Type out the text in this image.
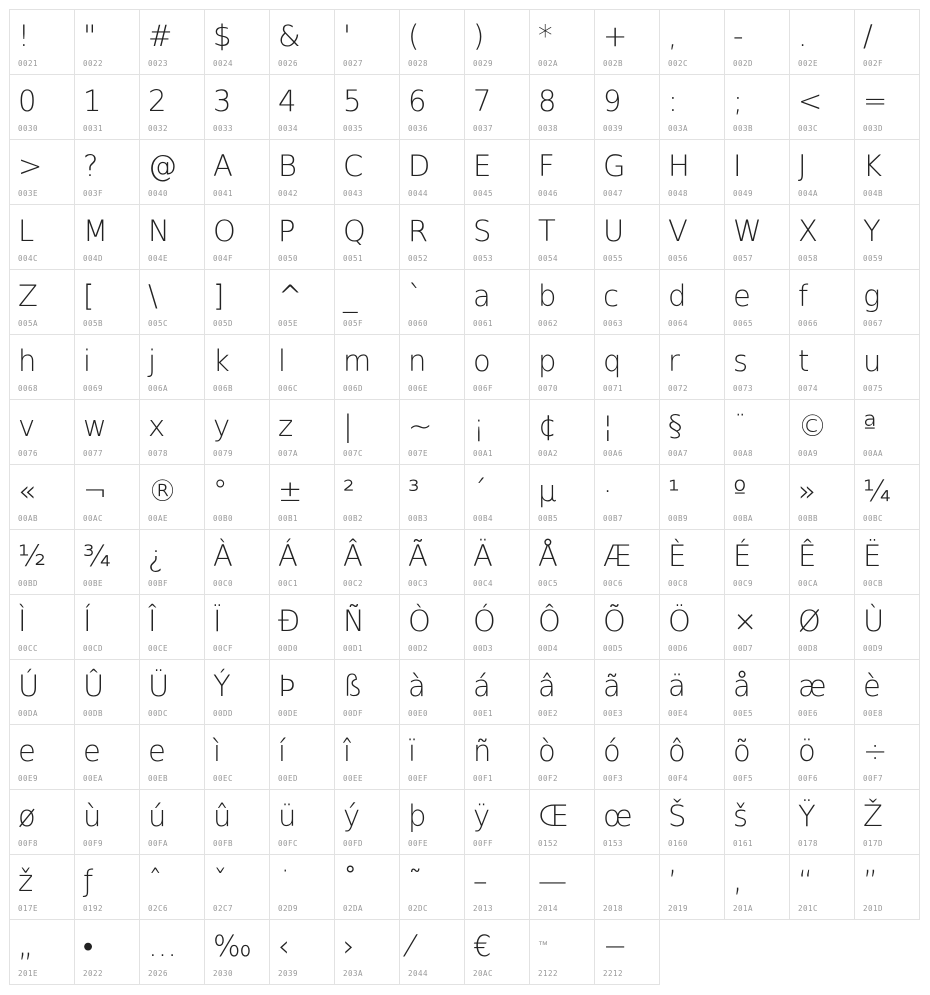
!
0021
"
0022
#
0023
$
0024
&
0026
'
0027
(
0028
)
0029
*
002A
+
002B
,
002C
-
002D
.
002E
/
002F
0
0030
1
0031
2
0032
3
0033
4
0034
5
0035
6
0036
7
0037
8
0038
9
0039
:
003A
;
003B
<
003C
=
003D
>
003E
?
003F
@
0040
A
0041
B
0042
C
0043
D
0044
E
0045
F
0046
G
0047
H
0048
I
0049
J
004A
K
004B
L
004C
M
004D
N
004E
O
004F
P
0050
Q
0051
R
0052
S
0053
T
0054
U
0055
V
0056
W
0057
X
0058
Y
0059
Z
005A
[
005B
\
005C
]
005D
^
005E
_
005F
`
0060
a
0061
b
0062
c
0063
d
0064
e
0065
f
0066
g
0067
h
0068
i
0069
j
006A
k
006B
l
006C
m
006D
n
006E
o
006F
p
0070
q
0071
r
0072
s
0073
t
0074
u
0075
v
0076
w
0077
x
0078
y
0079
z
007A
|
007C
~
007E
¡
00A1
¢
00A2
¦
00A6
§
00A7
¨
00A8
©
00A9
ª
00AA
«
00AB
¬
00AC
®
00AE
°
00B0
±
00B1
²
00B2
³
00B3
´
00B4
µ
00B5
·
00B7
¹
00B9
º
00BA
»
00BB
¼
00BC
½
00BD
¾
00BE
¿
00BF
À
00C0
Á
00C1
Â
00C2
Ã
00C3
Ä
00C4
Å
00C5
Æ
00C6
È
00C8
É
00C9
Ê
00CA
Ë
00CB
Ì
00CC
Í
00CD
Î
00CE
Ï
00CF
Ð
00D0
Ñ
00D1
Ò
00D2
Ó
00D3
Ô
00D4
Õ
00D5
Ö
00D6
×
00D7
Ø
00D8
Ù
00D9
Ú
00DA
Û
00DB
Ü
00DC
Ý
00DD
Þ
00DE
ß
00DF
à
00E0
á
00E1
â
00E2
ã
00E3
ä
00E4
å
00E5
æ
00E6
è
00E8
e
00E9
e
00EA
e
00EB
ì
00EC
í
00ED
î
00EE
ï
00EF
ñ
00F1
ò
00F2
ó
00F3
ô
00F4
õ
00F5
ö
00F6
÷
00F7
ø
00F8
ù
00F9
ú
00FA
û
00FB
ü
00FC
ý
00FD
þ
00FE
ÿ
00FF
Œ
0152
œ
0153
Š
0160
š
0161
Ÿ
0178
Ž
017D
ž
017E
ƒ
0192
ˆ
02C6
ˇ
02C7
˙
02D9
˚
02DA
˜
02DC
–
2013
—
2014	2018
’
2019
‚
201A
“
201C
”
201D
„
201E
•
2022
…
2026
‰
2030
‹
2039
›
203A
⁄
2044
€
20AC
™
2122
−
2212
